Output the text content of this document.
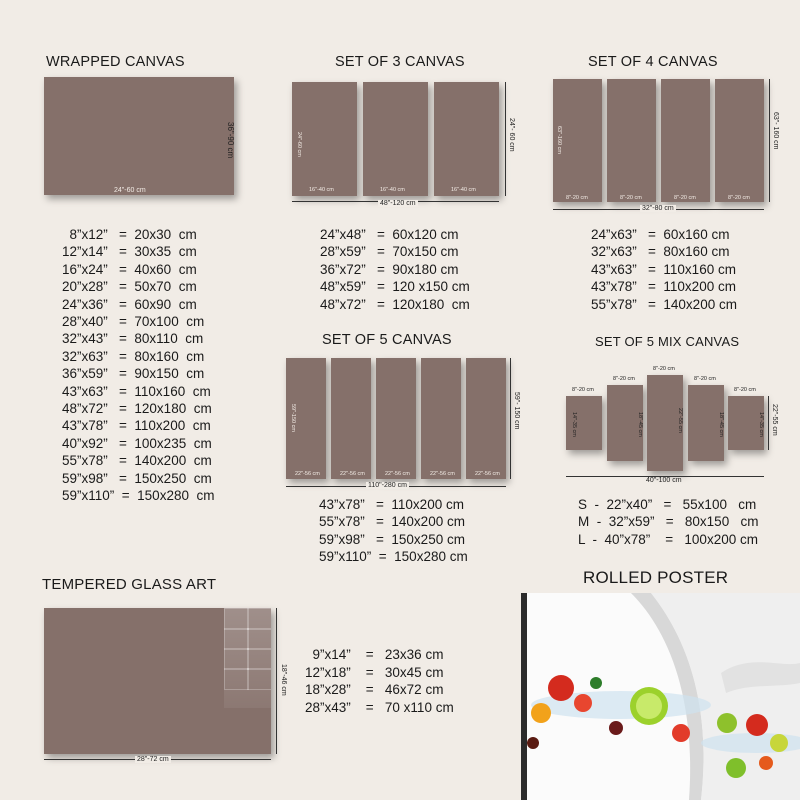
WRAPPED CANVAS
24"-60 cm
36"-90 cm
8”x12”   =  20x30  cm
12”x14”   =  30x35  cm
16”x24”   =  40x60  cm
20”x28”   =  50x70  cm
24”x36”   =  60x90  cm
28”x40”   =  70x100  cm
32”x43”   =  80x110  cm
32”x63”   =  80x160  cm
36”x59”   =  90x150  cm
43”x63”   =  110x160  cm
48”x72”   =  120x180  cm
43”x78”   =  110x200  cm
40”x92”   =  100x235  cm
55”x78”   =  140x200  cm
59”x98”   =  150x250  cm
59”x110”  =  150x280  cm
SET OF 3 CANVAS
24"-60 cm
16"-40 cm	16"-40 cm	16"-40 cm
48"-120 cm
24"- 60 cm
24”x48”   =  60x120 cm
28”x59”   =  70x150 cm
36”x72”   =  90x180 cm
48”x59”   =  120 x150 cm
48”x72”   =  120x180  cm
SET OF 4 CANVAS
63"-160 cm
8"-20 cm	8"-20 cm	8"-20 cm	8"-20 cm
32"-80 cm
63"- 160 cm
24”x63”   =  60x160 cm
32”x63”   =  80x160 cm
43”x63”   =  110x160 cm
43”x78”   =  110x200 cm
55”x78”   =  140x200 cm
SET OF 5 CANVAS
59"-150 cm
22"-56 cm	22"-56 cm	22"-56 cm	22"-56 cm	22"-56 cm
110"-280 cm
59"- 150 cm
43”x78”   =  110x200 cm
55”x78”   =  140x200 cm
59”x98”   =  150x250 cm
59”x110”  =  150x280 cm
SET OF 5 MIX CANVAS
8"-20 cm
8"-20 cm
8"-20 cm
8"-20 cm
8"-20 cm
14"-35 cm	18"-45 cm	22"-55 cm	18"-45 cm	14"-35 cm
40"-100 cm
22"-55 cm
S  -  22”x40”   =   55x100   cm
M  -  32”x59”   =   80x150   cm
L  -  40”x78”    =   100x200 cm
TEMPERED GLASS ART
28"-72 cm
18"-46 cm
9”x14”    =   23x36 cm
12”x18”    =   30x45 cm
18”x28”    =   46x72 cm
28”x43”    =   70 x110 cm
ROLLED POSTER
